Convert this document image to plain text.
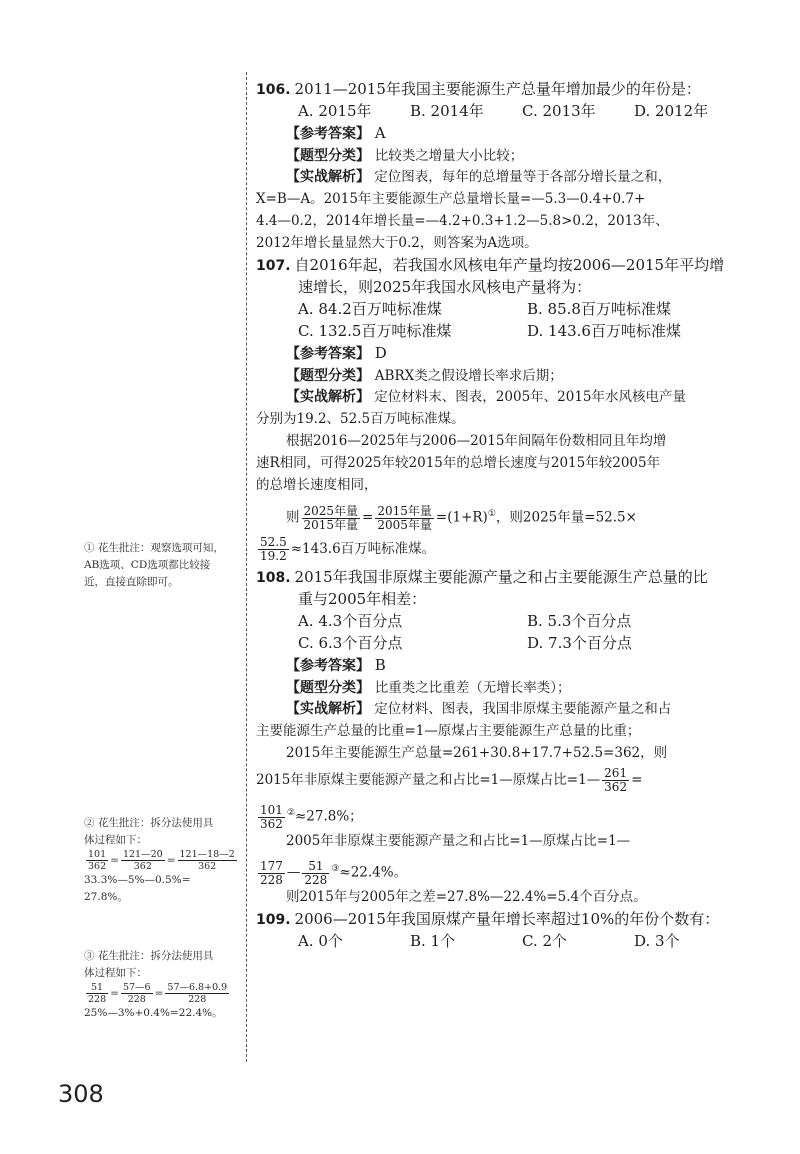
① 花生批注：观察选项可知，
AB选项、CD选项都比较接
近，直接直除即可。
② 花生批注：拆分法使用具
体过程如下：
$\frac{101}{362} = \frac{121—20}{362} = \frac{121—18—2}{362}$
33.3%—5%—0.5%=
27.8%。
③ 花生批注：拆分法使用具
体过程如下：
$\frac{51}{228} = \frac{57—6}{228} = \frac{57—6.8+0.9}{228}$
25%—3%+0.4%=22.4%。
106. 2011—2015年我国主要能源生产总量年增加最少的年份是：
A. 2015年	B. 2014年	C. 2013年	D. 2012年
【参考答案】 A
【题型分类】 比较类之增量大小比较；
【实战解析】 定位图表，每年的总增量等于各部分增长量之和，
X=B—A。2015年主要能源生产总量增长量=—5.3—0.4+0.7+
4.4—0.2，2014年增长量=—4.2+0.3+1.2—5.8>0.2，2013年、
2012年增长量显然大于0.2，则答案为A选项。
107. 自2016年起，若我国水风核电年产量均按2006—2015年平均增
速增长，则2025年我国水风核电产量将为：
A. 84.2百万吨标准煤	B. 85.8百万吨标准煤
C. 132.5百万吨标准煤	D. 143.6百万吨标准煤
【参考答案】 D
【题型分类】 ABRX类之假设增长率求后期；
【实战解析】 定位材料末、图表，2005年、2015年水风核电产量
分别为19.2、52.5百万吨标准煤。
根据2016—2025年与2006—2015年间隔年份数相同且年均增
速R相同，可得2025年较2015年的总增长速度与2015年较2005年
的总增长速度相同，
则 $\frac{\text{2025年量}}{\text{2015年量}} = \frac{\text{2015年量}}{\text{2005年量}} =(1+R)^①$，则2025年量=52.5×
$\frac{52.5}{19.2} \approx 143.6$百万吨标准煤。
108. 2015年我国非原煤主要能源产量之和占主要能源生产总量的比
重与2005年相差：
A. 4.3个百分点	B. 5.3个百分点
C. 6.3个百分点	D. 7.3个百分点
【参考答案】 B
【题型分类】 比重类之比重差（无增长率类）；
【实战解析】 定位材料、图表，我国非原煤主要能源产量之和占
主要能源生产总量的比重=1—原煤占主要能源生产总量的比重；
2015年主要能源生产总量=261+30.8+17.7+52.5=362，则
2015年非原煤主要能源产量之和占比=1—原煤占比=1— $\frac{261}{362}$ =
$\frac{101}{362} ^②\approx 27.8\%$；
2005年非原煤主要能源产量之和占比=1—原煤占比=1—
$\frac{177}{228}$ — $\frac{51}{228} ^③\approx 22.4\%$。
则2015年与2005年之差=27.8%—22.4%=5.4个百分点。
109. 2006—2015年我国原煤产量年增长率超过10%的年份个数有：
A. 0个	B. 1个	C. 2个	D. 3个
308
